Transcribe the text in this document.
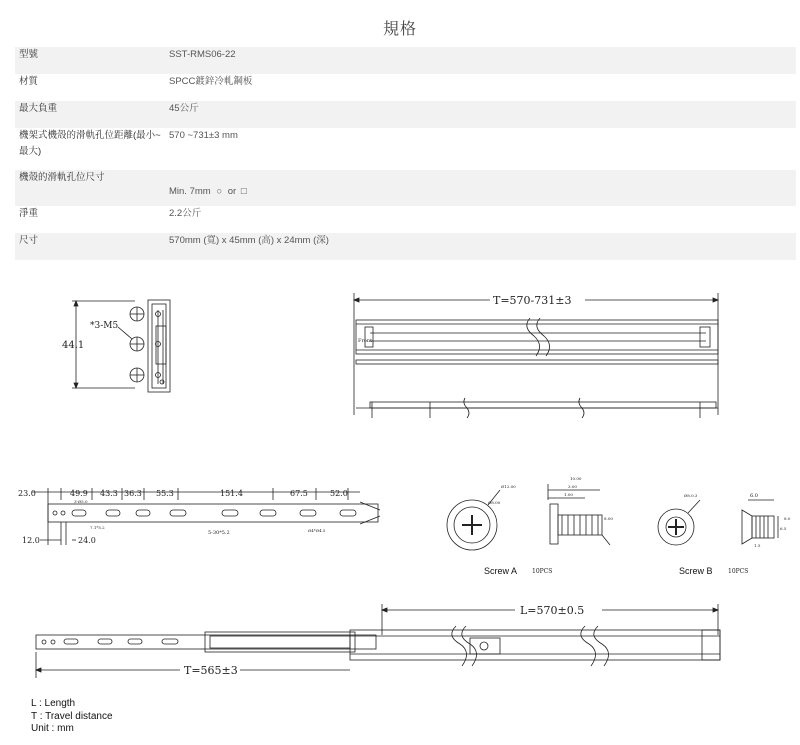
規格
型號	SST-RMS06-22
材質	SPCC鍍鋅冷軋鋼板
最大負重	45公斤
機架式機殼的滑軌孔位距離(最小~最大)	570 ~731±3 mm
機殼的滑軌孔位尺寸	Min. 7mm ○ or □
淨重	2.2公斤
尺寸	570mm (寬) x 45mm (高) x 24mm (深)
44.1
*3-M5
T=570-731±3
Front
23.0	49.9 43.3 36.3 55.3	151.4	67.5	52.0
12.0	24.0
3-Ø5.0
7.1*5.2
5-30*5.2	Ø4*Ø4.5
Ø12.00
Ø8.00
10.00
3.00
1.00
8.00
Screw A 10PCS
Ø8.0.3	6.0
6.5
1.5
8.0
Screw B	10PCS
L=570±0.5
T=565±3
L : Length
T : Travel distance
Unit : mm
